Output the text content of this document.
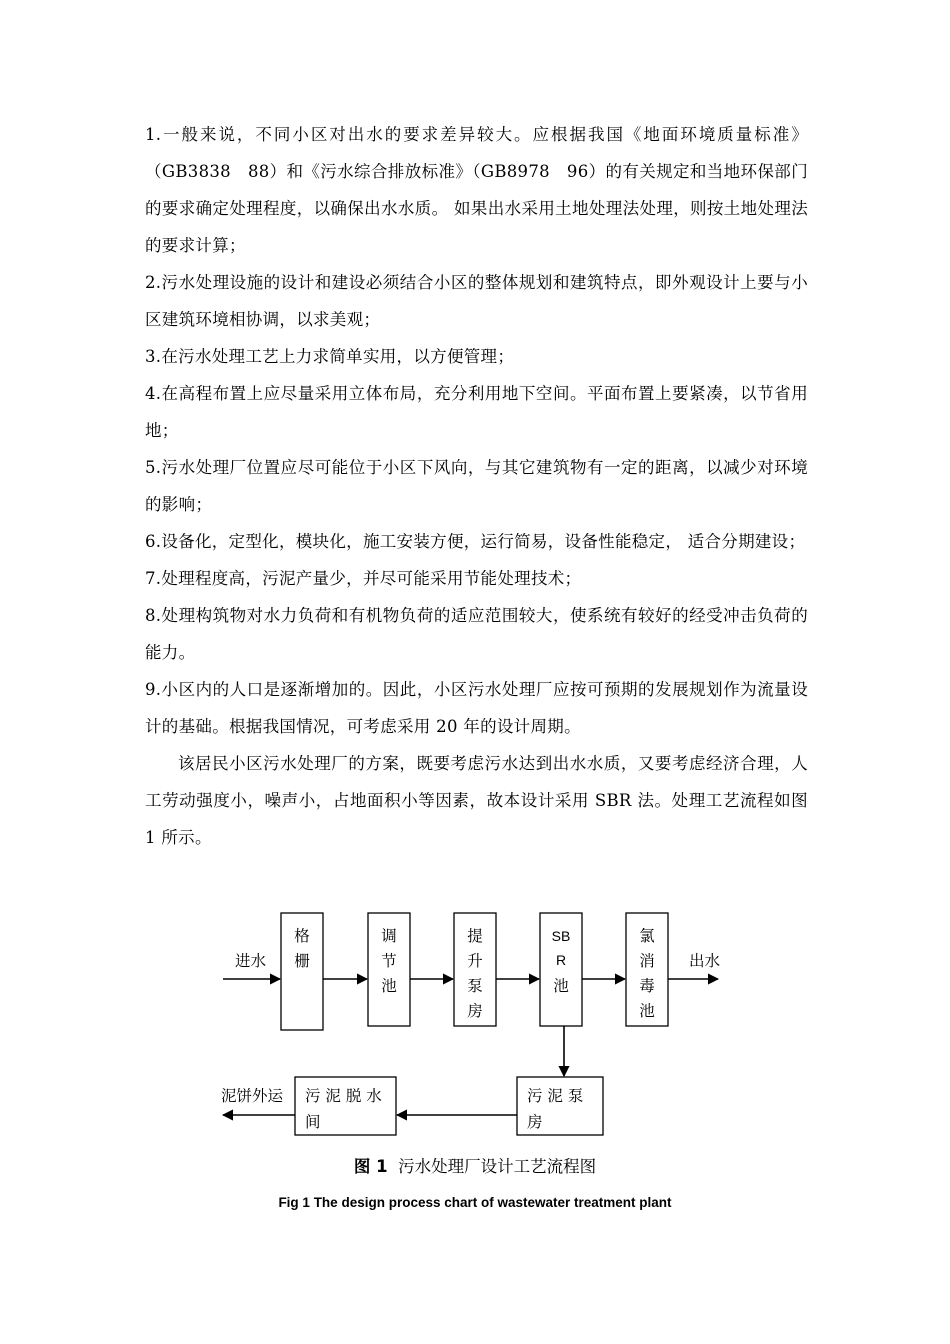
1.一般来说，不同小区对出水的要求差异较大。应根据我国《地面环境质量标准》（GB3838　88）和《污水综合排放标准》（GB8978　96）的有关规定和当地环保部门的要求确定处理程度，以确保出水水质。 如果出水采用土地处理法处理，则按土地处理法的要求计算；

2.污水处理设施的设计和建设必须结合小区的整体规划和建筑特点，即外观设计上要与小区建筑环境相协调，以求美观；

3.在污水处理工艺上力求简单实用，以方便管理；

4.在高程布置上应尽量采用立体布局，充分利用地下空间。平面布置上要紧凑，以节省用地；

5.污水处理厂位置应尽可能位于小区下风向，与其它建筑物有一定的距离，以减少对环境的影响；

6.设备化，定型化，模块化，施工安装方便，运行简易，设备性能稳定， 适合分期建设；

7.处理程度高，污泥产量少，并尽可能采用节能处理技术；

8.处理构筑物对水力负荷和有机物负荷的适应范围较大，使系统有较好的经受冲击负荷的能力。

9.小区内的人口是逐渐增加的。因此，小区污水处理厂应按可预期的发展规划作为流量设计的基础。根据我国情况，可考虑采用 20 年的设计周期。

该居民小区污水处理厂的方案，既要考虑污水达到出水水质，又要考虑经济合理，人工劳动强度小，噪声小，占地面积小等因素，故本设计采用 SBR 法。处理工艺流程如图 1 所示。

进水	出水
格
栅
调
节
池
提
升
泵
房
SB
R
池
氯
消
毒
池
污 泥 泵
房
污 泥 脱 水
间
泥饼外运
图 1 污水处理厂设计工艺流程图
Fig 1 The design process chart of wastewater treatment plant
